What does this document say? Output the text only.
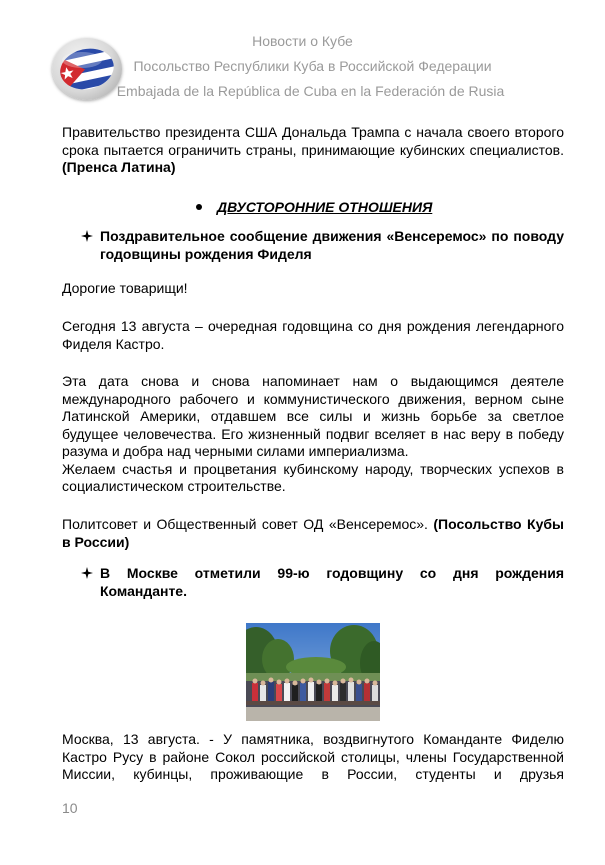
Новости о Кубе
Посольство Республики Куба в Российской Федерации
Embajada de la República de Cuba en la Federación de Rusia
Правительство президента США Дональда Трампа с начала своего второго срока пытается ограничить страны, принимающие кубинских специалистов. (Пренса Латина)
ДВУСТОРОННИЕ ОТНОШЕНИЯ
Поздравительное сообщение движения «Венсеремос» по поводу годовщины рождения Фиделя
Дорогие товарищи!
Сегодня 13 августа – очередная годовщина со дня рождения легендарного Фиделя Кастро.
Эта дата снова и снова напоминает нам о выдающимся деятеле международного рабочего и коммунистического движения, верном сыне Латинской Америки, отдавшем все силы и жизнь борьбе за светлое будущее человечества. Его жизненный подвиг вселяет в нас веру в победу разума и добра над черными силами империализма.
Желаем счастья и процветания кубинскому народу, творческих успехов в социалистическом строительстве.
Политсовет и Общественный совет ОД «Венсеремос». (Посольство Кубы в России)
В Москве отметили 99-ю годовщину со дня рождения Команданте.
Москва, 13 августа. - У памятника, воздвигнутого Команданте Фиделю Кастро Русу в районе Сокол российской столицы, члены Государственной Миссии, кубинцы, проживающие в России, студенты и друзья
10
